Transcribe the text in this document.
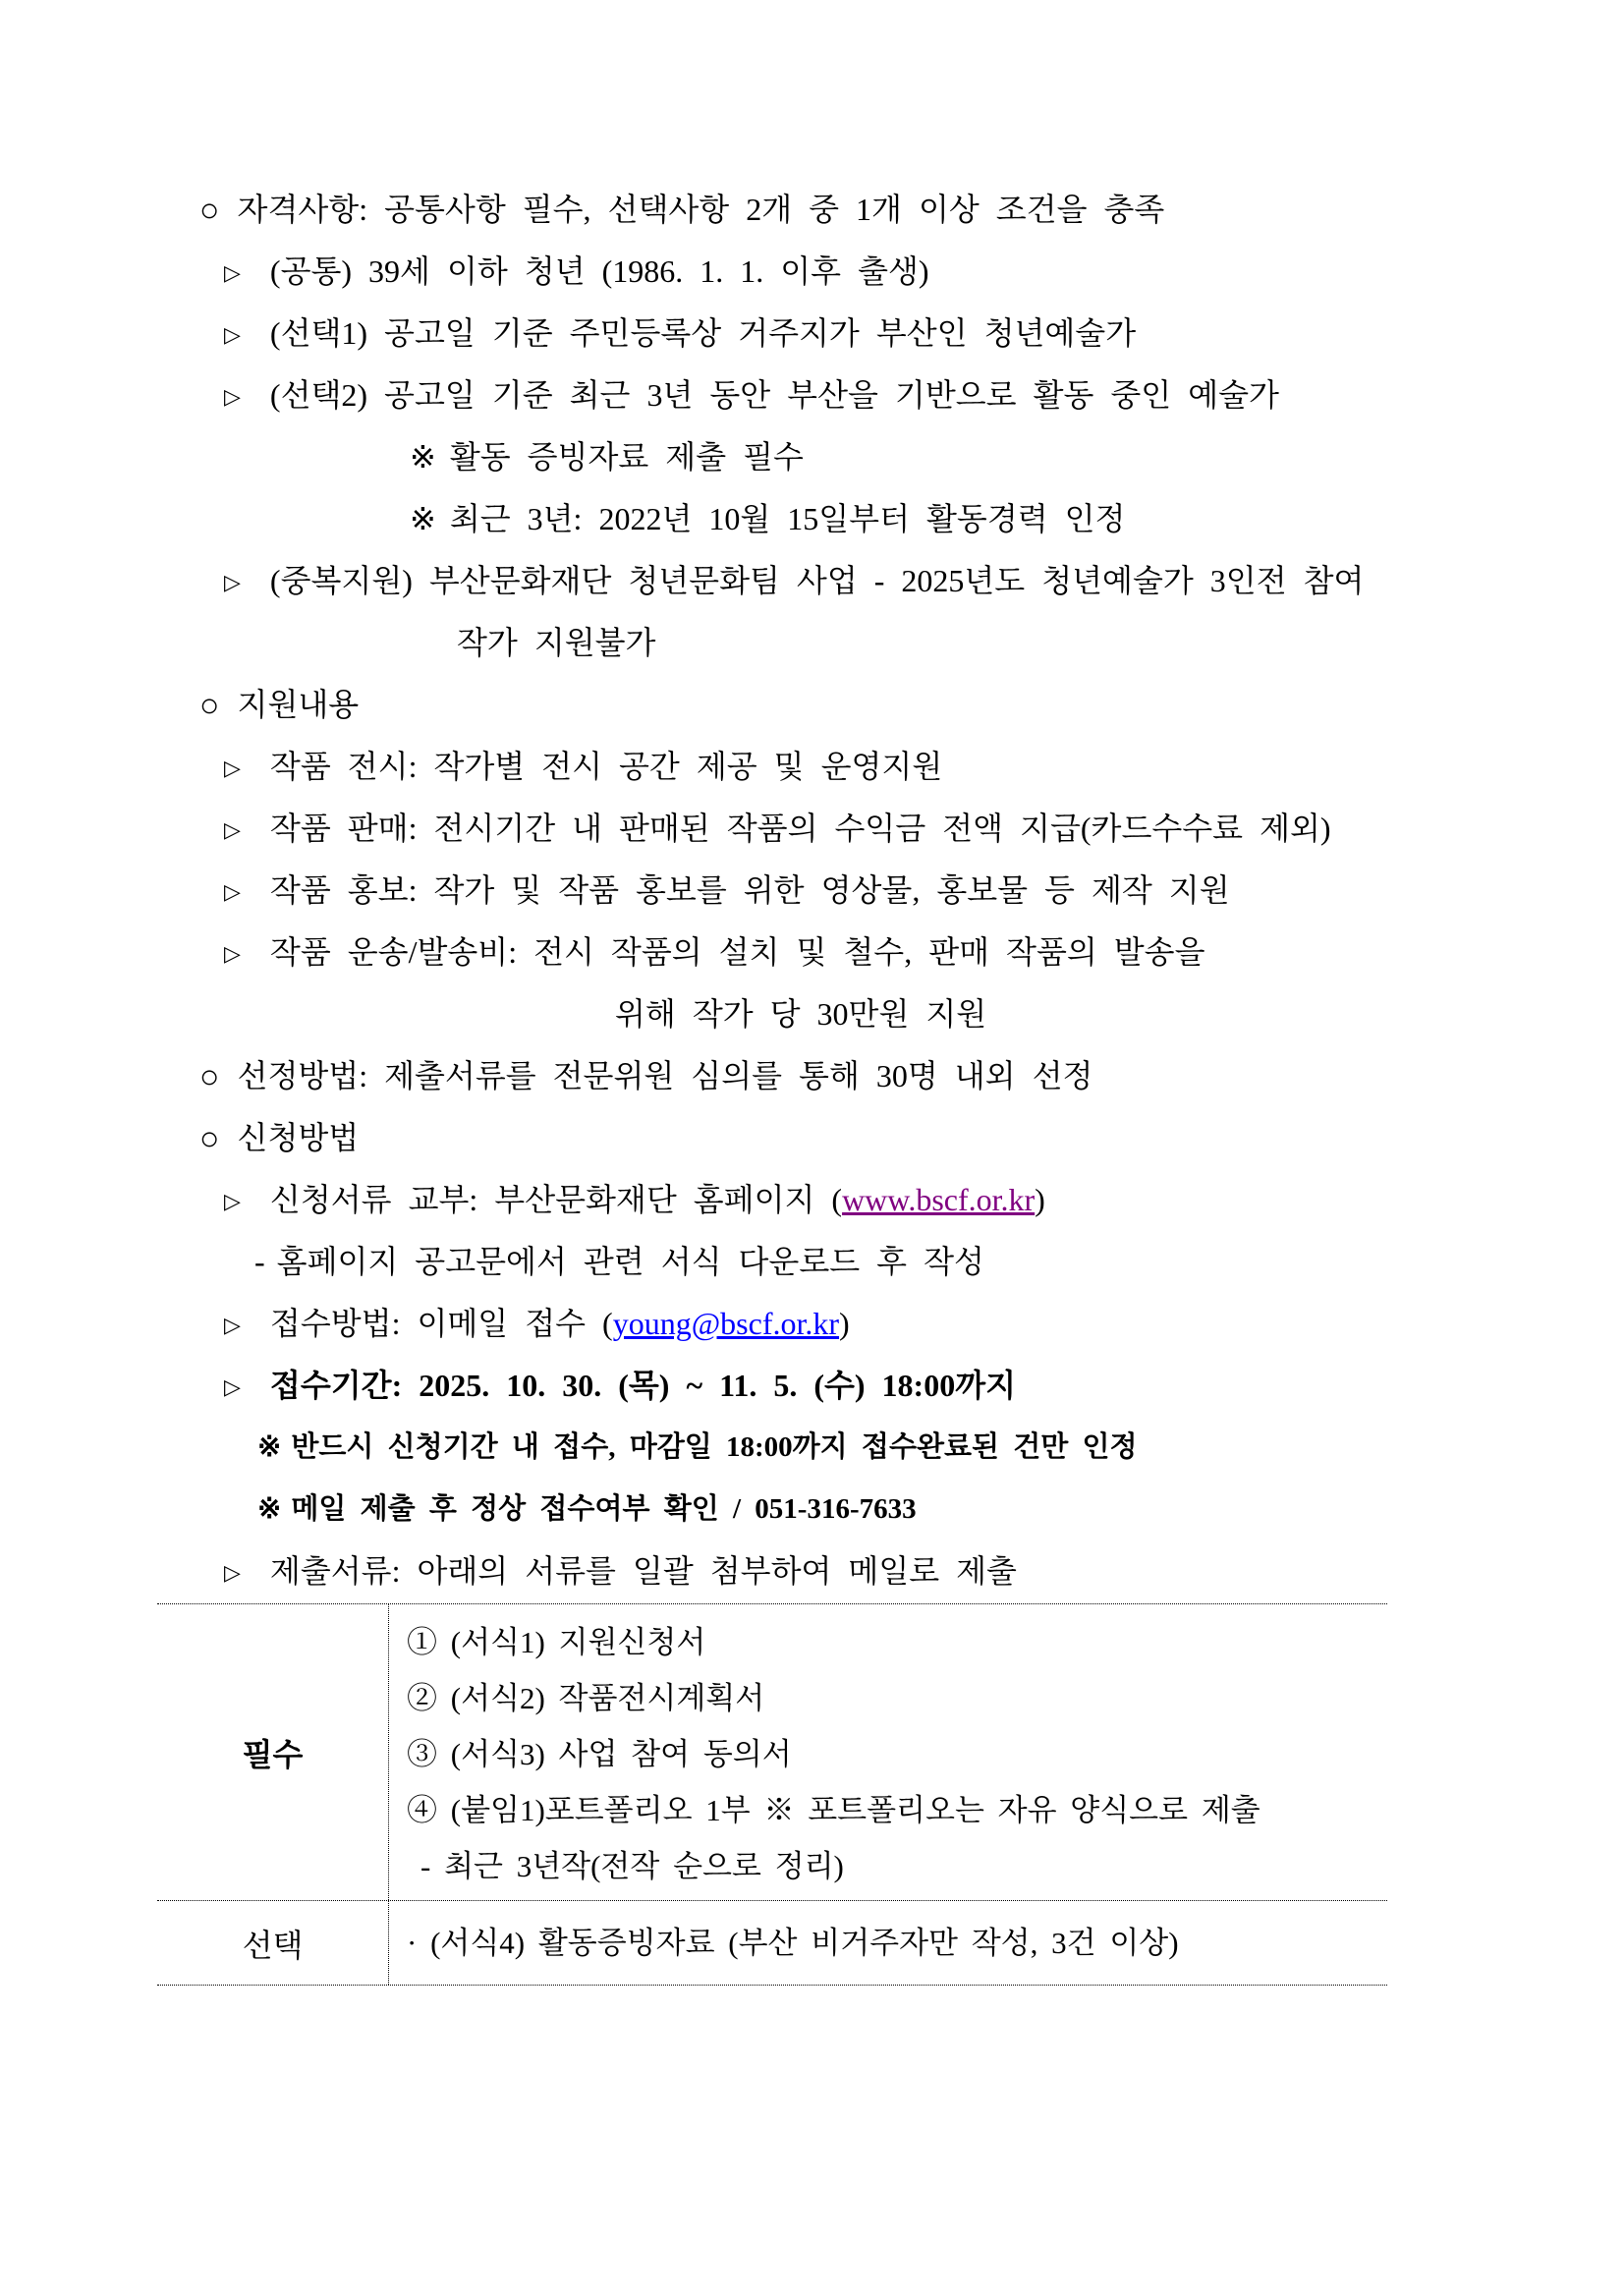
○ 자격사항: 공통사항 필수, 선택사항 2개 중 1개 이상 조건을 충족
▷ (공통) 39세 이하 청년 (1986. 1. 1. 이후 출생)
▷ (선택1) 공고일 기준 주민등록상 거주지가 부산인 청년예술가
▷ (선택2) 공고일 기준 최근 3년 동안 부산을 기반으로 활동 중인 예술가
※ 활동 증빙자료 제출 필수
※ 최근 3년: 2022년 10월 15일부터 활동경력 인정
▷ (중복지원) 부산문화재단 청년문화팀 사업 - 2025년도 청년예술가 3인전 참여
작가 지원불가
○ 지원내용
▷ 작품 전시: 작가별 전시 공간 제공 및 운영지원
▷ 작품 판매: 전시기간 내 판매된 작품의 수익금 전액 지급(카드수수료 제외)
▷ 작품 홍보: 작가 및 작품 홍보를 위한 영상물, 홍보물 등 제작 지원
▷ 작품 운송/발송비: 전시 작품의 설치 및 철수, 판매 작품의 발송을
위해 작가 당 30만원 지원
○ 선정방법: 제출서류를 전문위원 심의를 통해 30명 내외 선정
○ 신청방법
▷ 신청서류 교부: 부산문화재단 홈페이지 (www.bscf.or.kr)
- 홈페이지 공고문에서 관련 서식 다운로드 후 작성
▷ 접수방법: 이메일 접수 (young@bscf.or.kr)
▷ 접수기간: 2025. 10. 30. (목) ~ 11. 5. (수) 18:00까지
※ 반드시 신청기간 내 접수, 마감일 18:00까지 접수완료된 건만 인정
※ 메일 제출 후 정상 접수여부 확인 / 051-316-7633
▷ 제출서류: 아래의 서류를 일괄 첨부하여 메일로 제출
필수
① (서식1) 지원신청서
② (서식2) 작품전시계획서
③ (서식3) 사업 참여 동의서
④ (붙임1)포트폴리오 1부 ※ 포트폴리오는 자유 양식으로 제출
- 최근 3년작(전작 순으로 정리)
선택	· (서식4) 활동증빙자료 (부산 비거주자만 작성, 3건 이상)
